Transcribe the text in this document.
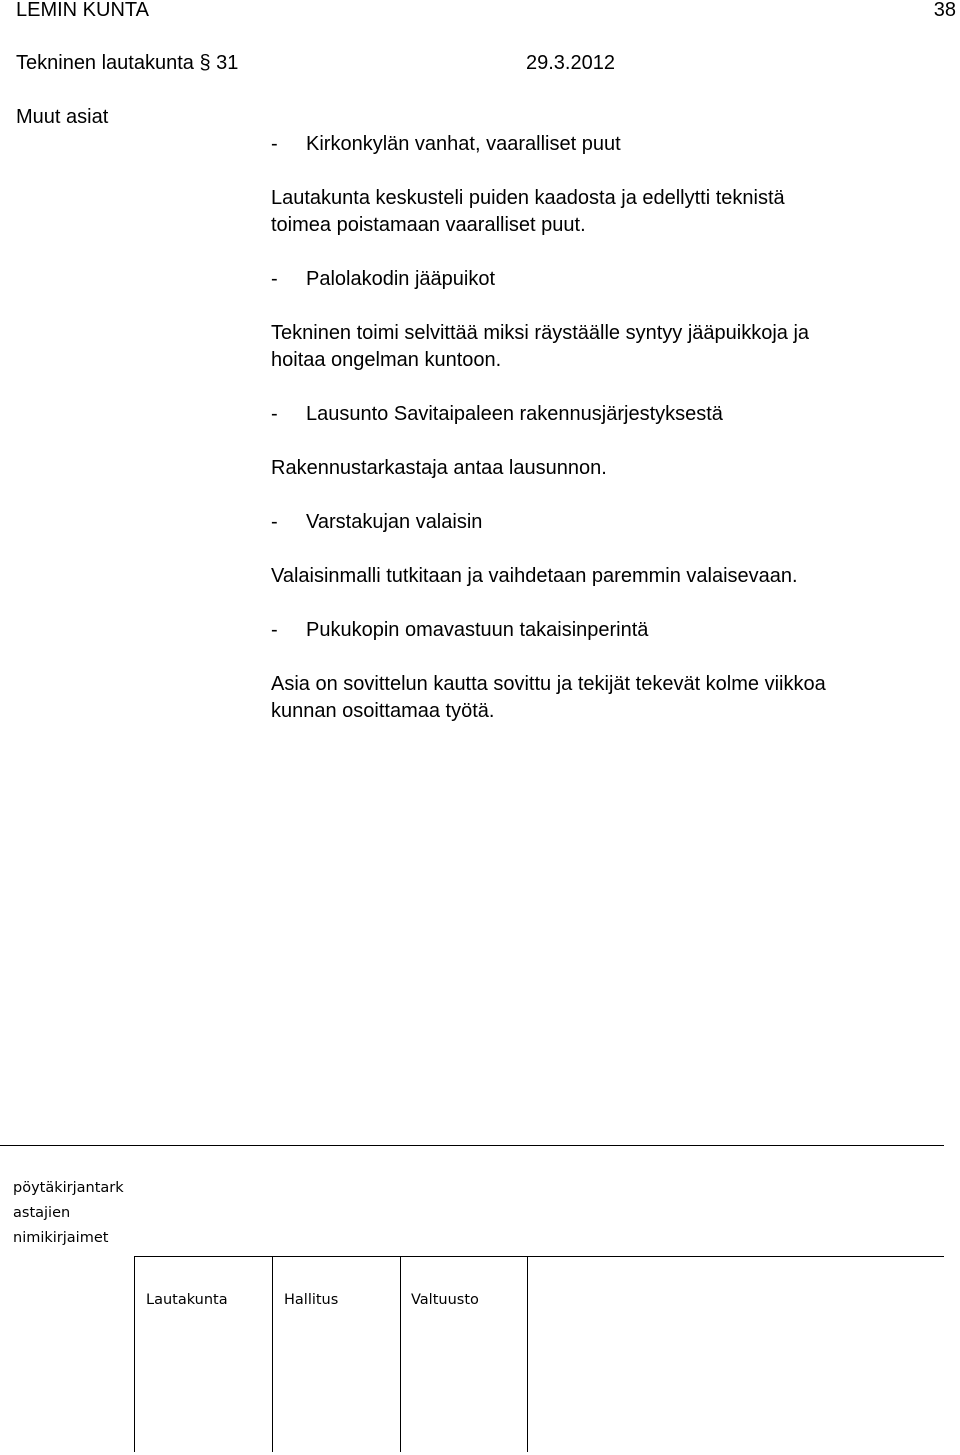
LEMIN KUNTA	38
Tekninen lautakunta § 31	29.3.2012
Muut asiat
- Kirkonkylän vanhat, vaaralliset puut
Lautakunta keskusteli puiden kaadosta ja edellytti teknistä
toimea poistamaan vaaralliset puut.
- Palolakodin jääpuikot
Tekninen toimi selvittää miksi räystäälle syntyy jääpuikkoja ja
hoitaa ongelman kuntoon.
- Lausunto Savitaipaleen rakennusjärjestyksestä
Rakennustarkastaja antaa lausunnon.
- Varstakujan valaisin
Valaisinmalli tutkitaan ja vaihdetaan paremmin valaisevaan.
- Pukukopin omavastuun takaisinperintä
Asia on sovittelun kautta sovittu ja tekijät tekevät kolme viikkoa
kunnan osoittamaa työtä.
pöytäkirjantark
astajien
nimikirjaimet
Lautakunta	Hallitus	Valtuusto
